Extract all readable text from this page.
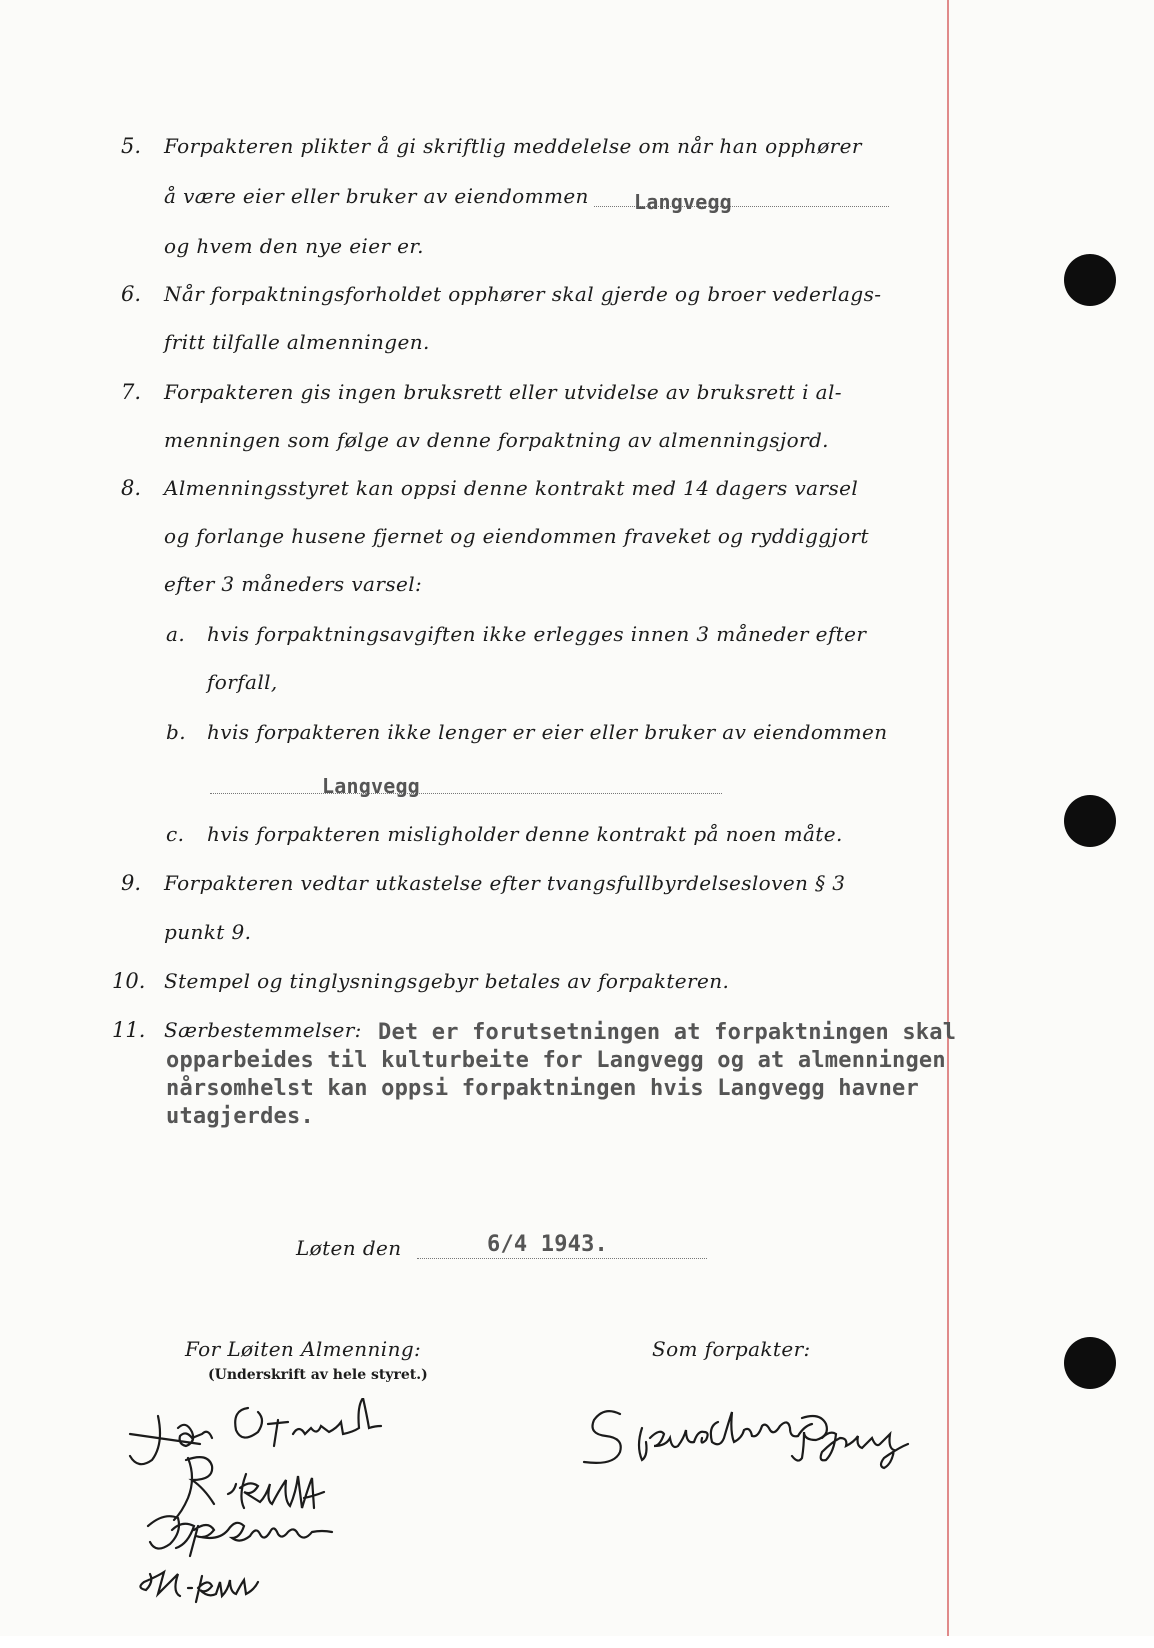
5. Forpakteren plikter å gi skriftlig meddelelse om når han opphører
å være eier eller bruker av eiendommen Langvegg
og hvem den nye eier er.
6. Når forpaktningsforholdet opphører skal gjerde og broer vederlags-
fritt tilfalle almenningen.
7. Forpakteren gis ingen bruksrett eller utvidelse av bruksrett i al-
menningen som følge av denne forpaktning av almenningsjord.
8. Almenningsstyret kan oppsi denne kontrakt med 14 dagers varsel
og forlange husene fjernet og eiendommen fraveket og ryddiggjort
efter 3 måneders varsel:
a. hvis forpaktningsavgiften ikke erlegges innen 3 måneder efter
forfall,
b. hvis forpakteren ikke lenger er eier eller bruker av eiendommen
Langvegg
c. hvis forpakteren misligholder denne kontrakt på noen måte.
9. Forpakteren vedtar utkastelse efter tvangsfullbyrdelsesloven § 3
punkt 9.
10. Stempel og tinglysningsgebyr betales av forpakteren.
11. Særbestemmelser: Det er forutsetningen at forpaktningen skal
opparbeides til kulturbeite for Langvegg og at almenningen
nårsomhelst kan oppsi forpaktningen hvis Langvegg havner
utagjerdes.
Løten den	6/4 1943.
For Løiten Almenning:
(Underskrift av hele styret.)
Som forpakter:
